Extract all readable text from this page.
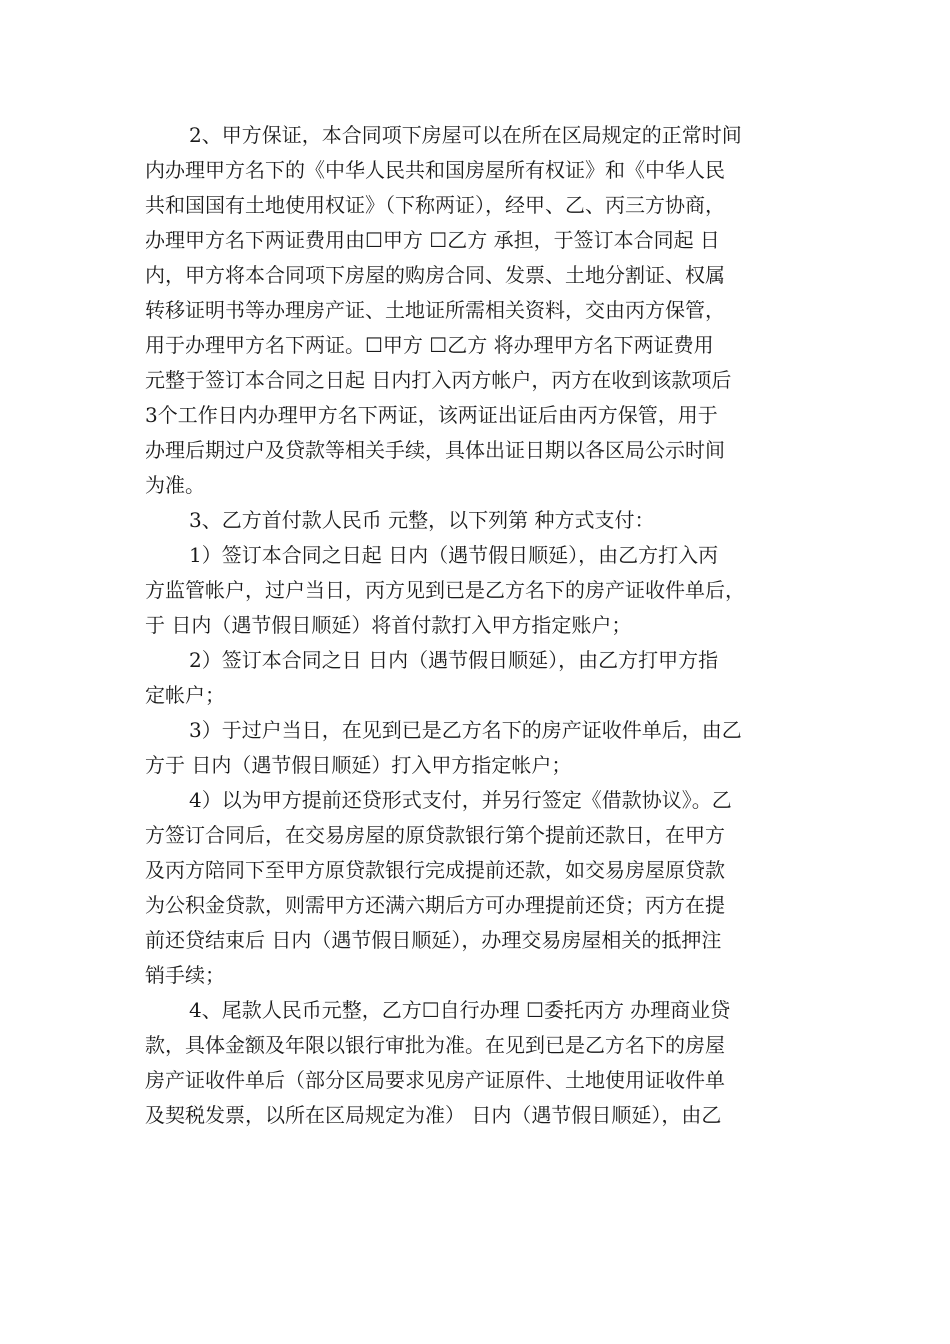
2、甲方保证，本合同项下房屋可以在所在区局规定的正常时间
内办理甲方名下的《中华人民共和国房屋所有权证》和《中华人民
共和国国有土地使用权证》（下称两证），经甲、乙、丙三方协商，
办理甲方名下两证费用由☐甲方 ☐乙方 承担，于签订本合同起 日
内，甲方将本合同项下房屋的购房合同、发票、土地分割证、权属
转移证明书等办理房产证、土地证所需相关资料，交由丙方保管，
用于办理甲方名下两证。☐甲方 ☐乙方 将办理甲方名下两证费用
元整于签订本合同之日起 日内打入丙方帐户，丙方在收到该款项后
3个工作日内办理甲方名下两证，该两证出证后由丙方保管，用于
办理后期过户及贷款等相关手续，具体出证日期以各区局公示时间
为准。
3、乙方首付款人民币 元整，以下列第 种方式支付：
1）签订本合同之日起 日内（遇节假日顺延），由乙方打入丙
方监管帐户，过户当日，丙方见到已是乙方名下的房产证收件单后，
于 日内（遇节假日顺延）将首付款打入甲方指定账户；
2）签订本合同之日 日内（遇节假日顺延），由乙方打甲方指
定帐户；
3）于过户当日，在见到已是乙方名下的房产证收件单后，由乙
方于 日内（遇节假日顺延）打入甲方指定帐户；
4）以为甲方提前还贷形式支付，并另行签定《借款协议》。乙
方签订合同后，在交易房屋的原贷款银行第个提前还款日，在甲方
及丙方陪同下至甲方原贷款银行完成提前还款，如交易房屋原贷款
为公积金贷款，则需甲方还满六期后方可办理提前还贷；丙方在提
前还贷结束后 日内（遇节假日顺延），办理交易房屋相关的抵押注
销手续；
4、尾款人民币元整，乙方☐自行办理 ☐委托丙方 办理商业贷
款，具体金额及年限以银行审批为准。在见到已是乙方名下的房屋
房产证收件单后（部分区局要求见房产证原件、土地使用证收件单
及契税发票，以所在区局规定为准） 日内（遇节假日顺延），由乙
